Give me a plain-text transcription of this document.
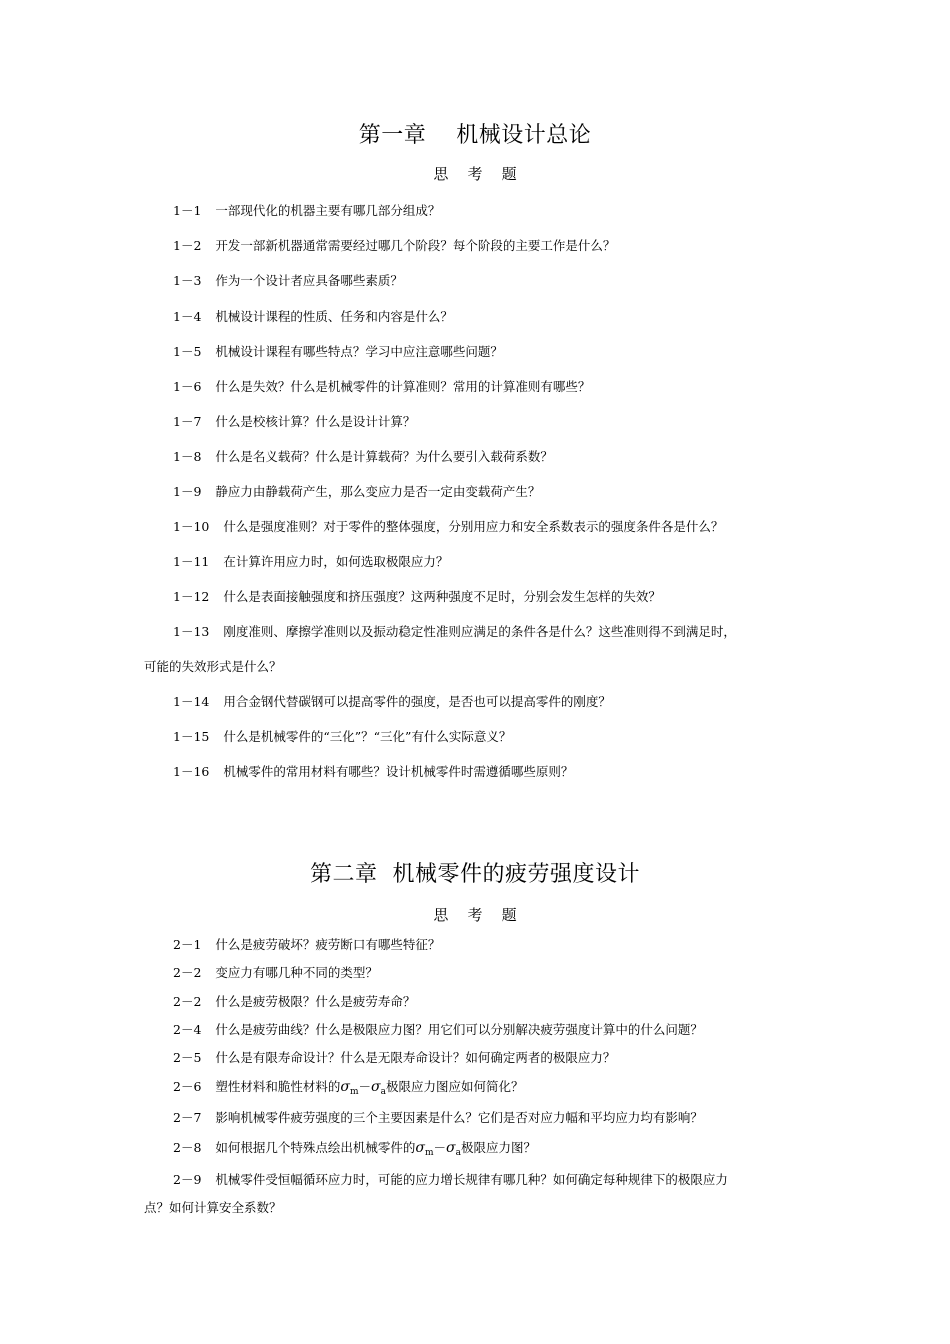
第一章    机械设计总论
思    考    题
1－1 一部现代化的机器主要有哪几部分组成？
1－2 开发一部新机器通常需要经过哪几个阶段？每个阶段的主要工作是什么？
1－3 作为一个设计者应具备哪些素质？
1－4 机械设计课程的性质、任务和内容是什么？
1－5 机械设计课程有哪些特点？学习中应注意哪些问题？
1－6 什么是失效？什么是机械零件的计算准则？常用的计算准则有哪些？
1－7 什么是校核计算？什么是设计计算？
1－8 什么是名义载荷？什么是计算载荷？为什么要引入载荷系数？
1－9 静应力由静载荷产生，那么变应力是否一定由变载荷产生？
1－10 什么是强度准则？对于零件的整体强度，分别用应力和安全系数表示的强度条件各是什么？
1－11 在计算许用应力时，如何选取极限应力？
1－12 什么是表面接触强度和挤压强度？这两种强度不足时，分别会发生怎样的失效？
1－13 刚度准则、摩擦学准则以及振动稳定性准则应满足的条件各是什么？这些准则得不到满足时，
可能的失效形式是什么？
1－14 用合金钢代替碳钢可以提高零件的强度，是否也可以提高零件的刚度？
1－15 什么是机械零件的“三化”？“三化”有什么实际意义？
1－16 机械零件的常用材料有哪些？设计机械零件时需遵循哪些原则？
第二章  机械零件的疲劳强度设计
思    考    题
2－1 什么是疲劳破坏？疲劳断口有哪些特征？
2－2 变应力有哪几种不同的类型？
2－2 什么是疲劳极限？什么是疲劳寿命？
2－4 什么是疲劳曲线？什么是极限应力图？用它们可以分别解决疲劳强度计算中的什么问题？
2－5 什么是有限寿命设计？什么是无限寿命设计？如何确定两者的极限应力？
2－6 塑性材料和脆性材料的$\sigma_m-\sigma_a$极限应力图应如何简化？
2－7 影响机械零件疲劳强度的三个主要因素是什么？它们是否对应力幅和平均应力均有影响？
2－8 如何根据几个特殊点绘出机械零件的$\sigma_m-\sigma_a$极限应力图？
2－9 机械零件受恒幅循环应力时，可能的应力增长规律有哪几种？如何确定每种规律下的极限应力
点？如何计算安全系数？
